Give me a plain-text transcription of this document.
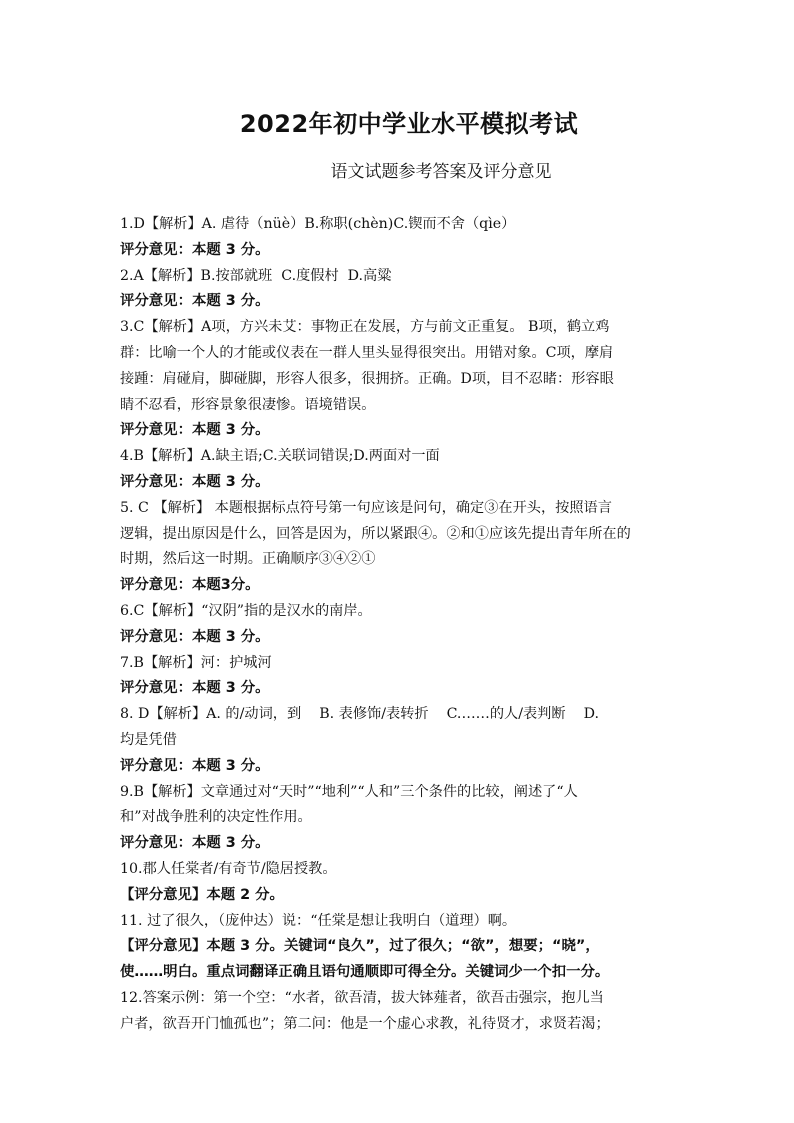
2022年初中学业水平模拟考试
语文试题参考答案及评分意见
1.D【解析】A. 虐待（nüè）B.称职(chèn)C.锲而不舍（qìe）
评分意见：本题 3 分。
2.A【解析】B.按部就班  C.度假村  D.高粱
评分意见：本题 3 分。
3.C【解析】A项，方兴未艾：事物正在发展，方与前文正重复。 B项，鹤立鸡
群：比喻一个人的才能或仪表在一群人里头显得很突出。用错对象。C项，摩肩
接踵：肩碰肩，脚碰脚，形容人很多，很拥挤。正确。D项，目不忍睹：形容眼
睛不忍看，形容景象很凄惨。语境错误。
评分意见：本题 3 分。
4.B【解析】A.缺主语;C.关联词错误;D.两面对一面
评分意见：本题 3 分。
5. C 【解析】 本题根据标点符号第一句应该是问句，确定③在开头，按照语言
逻辑，提出原因是什么，回答是因为，所以紧跟④。②和①应该先提出青年所在的
时期，然后这一时期。正确顺序③④②①
评分意见：本题3分。
6.C【解析】“汉阴”指的是汉水的南岸。
评分意见：本题 3 分。
7.B【解析】河：护城河
评分意见：本题 3 分。
8. D【解析】A. 的/动词，到    B. 表修饰/表转折    C.……的人/表判断    D.
均是凭借
评分意见：本题 3 分。
9.B【解析】文章通过对“天时”“地利”“人和”三个条件的比较，阐述了“人
和”对战争胜利的决定性作用。
评分意见：本题 3 分。
10.郡人任棠者/有奇节/隐居授教。
【评分意见】本题 2 分。
11. 过了很久，（庞仲达）说：“任棠是想让我明白（道理）啊。
【评分意见】本题 3 分。关键词“良久”，过了很久；“欲”，想要；“晓”，
使……明白。重点词翻译正确且语句通顺即可得全分。关键词少一个扣一分。
12.答案示例：第一个空：“水者，欲吾清，拔大钵薤者，欲吾击强宗，抱儿当
户者，欲吾开门恤孤也”；第二问：他是一个虚心求教，礼待贤才，求贤若渴；
